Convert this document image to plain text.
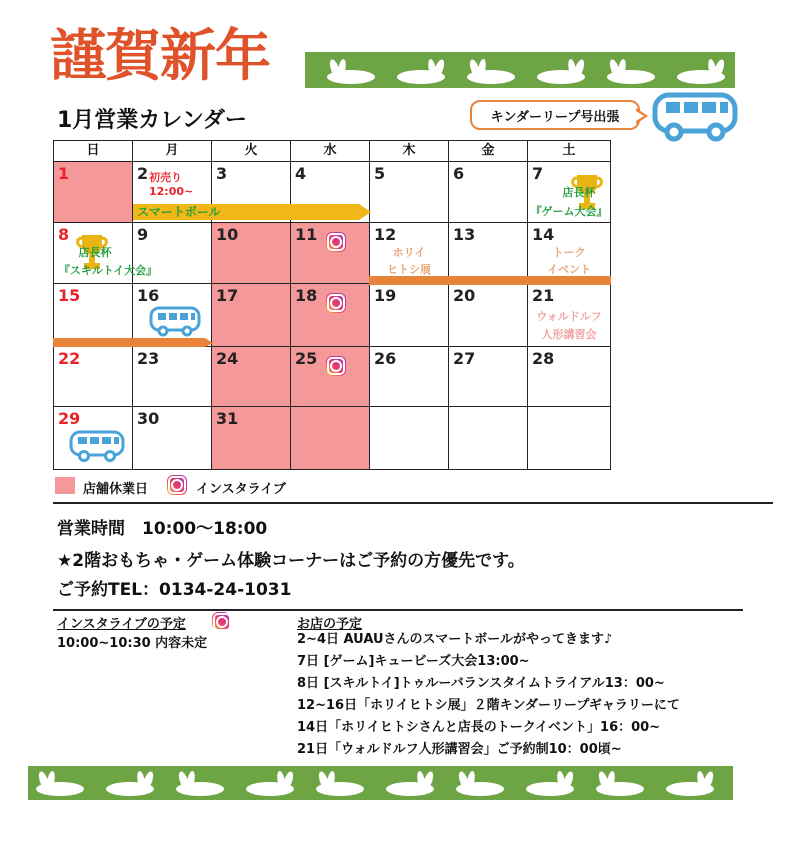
謹賀新年
1月営業カレンダー	キンダーリープ号出張
日	月	火	水	木	金	土
1	2	3	4	5	6	7
8	9	10	11	12	13	14
15	16	17	18	19	20	21
22	23	24	25	26	27	28
29	30	31
初売り
12:00~
スマートボール
店長杯
『ゲーム大会』
店長杯
『スキルトイ大会』
ホリイ
ヒトシ展
トーク
イベント
ウォルドルフ
人形講習会
店舗休業日	インスタライブ
営業時間　10:00〜18:00
★2階おもちゃ・ゲーム体験コーナーはご予約の方優先です。
ご予約TEL：0134-24-1031
インスタライブの予定
10:00~10:30 内容未定
お店の予定
2~4日 AUAUさんのスマートボールがやってきます♪
7日 [ゲーム]キュービーズ大会13:00~
8日 [スキルトイ]トゥルーバランスタイムトライアル13：00~
12~16日「ホリイヒトシ展」２階キンダーリープギャラリーにて
14日「ホリイヒトシさんと店長のトークイベント」16：00~
21日「ウォルドルフ人形講習会」ご予約制10：00頃~
